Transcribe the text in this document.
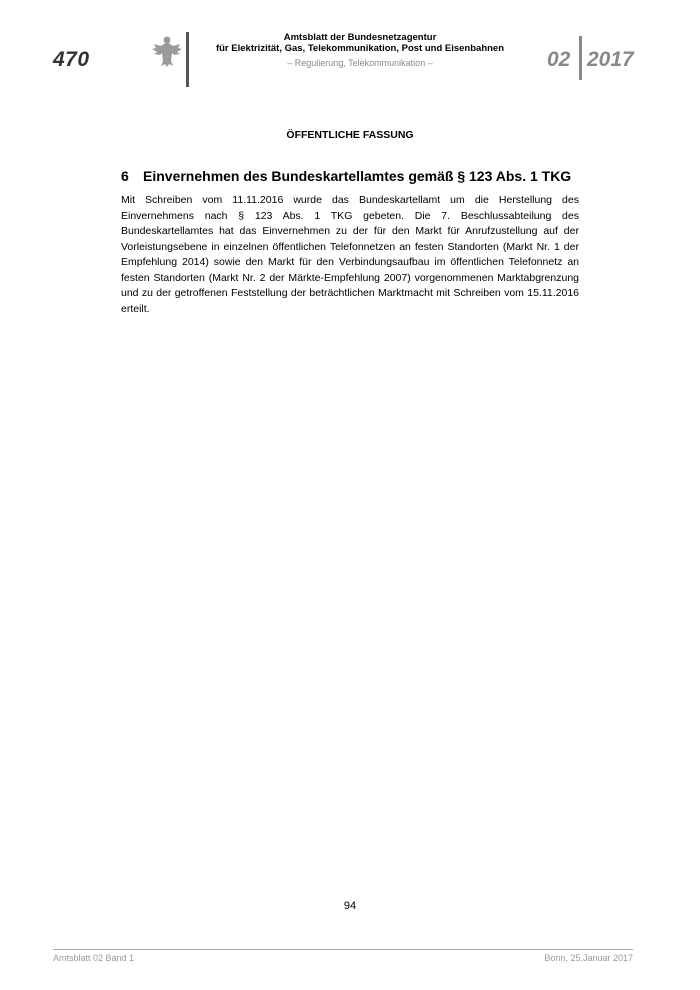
470
Amtsblatt der Bundesnetzagentur
für Elektrizität, Gas, Telekommunikation, Post und Eisenbahnen
– Regulierung, Telekommunikation –	02 2017
ÖFFENTLICHE FASSUNG
6	Einvernehmen des Bundeskartellamtes gemäß § 123 Abs. 1 TKG
Mit Schreiben vom 11.11.2016 wurde das Bundeskartellamt um die Herstellung des Einvernehmens nach § 123 Abs. 1 TKG gebeten. Die 7. Beschlussabteilung des Bundeskartellamtes hat das Einvernehmen zu der für den Markt für Anrufzustellung auf der Vorleistungsebene in einzelnen öffentlichen Telefonnetzen an festen Standorten (Markt Nr. 1 der Empfehlung 2014) sowie den Markt für den Verbindungsaufbau im öffentlichen Telefonnetz an festen Standorten (Markt Nr. 2 der Märkte-Empfehlung 2007) vorgenommenen Marktabgrenzung und zu der getroffenen Feststellung der beträchtlichen Marktmacht mit Schreiben vom 15.11.2016 erteilt.
94
Amtsblatt 02 Band 1	Bonn, 25.Januar 2017
